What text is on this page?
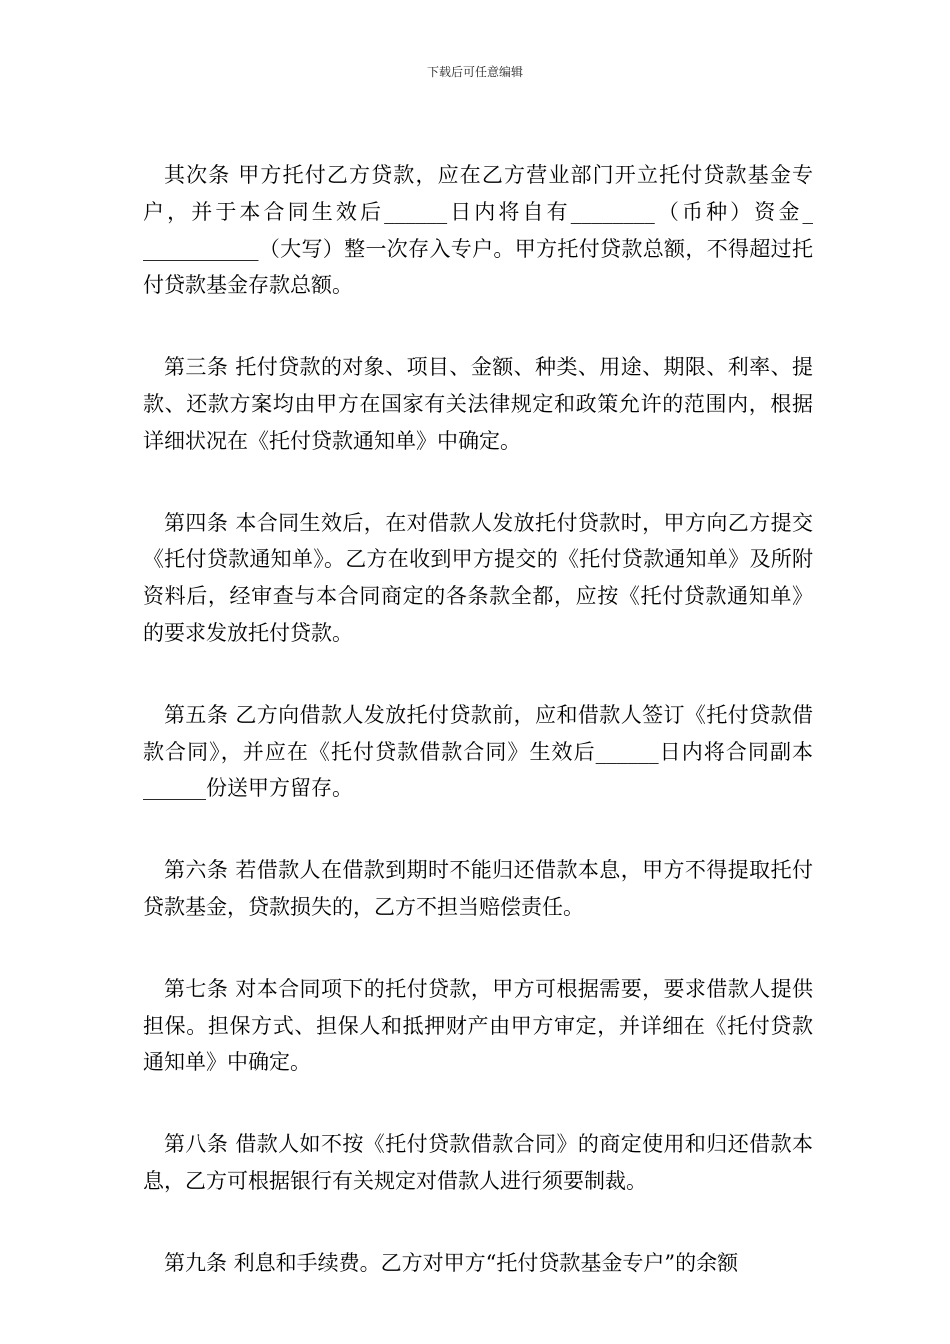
下载后可任意编辑

其次条 甲方托付乙方贷款，应在乙方营业部门开立托付贷款基金专户，并于本合同生效后______日内将自有________（币种）资金_ ___________（大写）整一次存入专户。甲方托付贷款总额，不得超过托付贷款基金存款总额。

第三条 托付贷款的对象、项目、金额、种类、用途、期限、利率、提款、还款方案均由甲方在国家有关法律规定和政策允许的范围内，根据详细状况在《托付贷款通知单》中确定。

第四条 本合同生效后，在对借款人发放托付贷款时，甲方向乙方提交《托付贷款通知单》。乙方在收到甲方提交的《托付贷款通知单》及所附资料后，经审查与本合同商定的各条款全都，应按《托付贷款通知单》的要求发放托付贷款。

第五条 乙方向借款人发放托付贷款前，应和借款人签订《托付贷款借款合同》，并应在《托付贷款借款合同》生效后______日内将合同副本______份送甲方留存。

第六条 若借款人在借款到期时不能归还借款本息，甲方不得提取托付贷款基金，贷款损失的，乙方不担当赔偿责任。

第七条 对本合同项下的托付贷款，甲方可根据需要，要求借款人提供担保。担保方式、担保人和抵押财产由甲方审定，并详细在《托付贷款通知单》中确定。

第八条 借款人如不按《托付贷款借款合同》的商定使用和归还借款本息，乙方可根据银行有关规定对借款人进行须要制裁。

第九条 利息和手续费。乙方对甲方“托付贷款基金专户”的余额
